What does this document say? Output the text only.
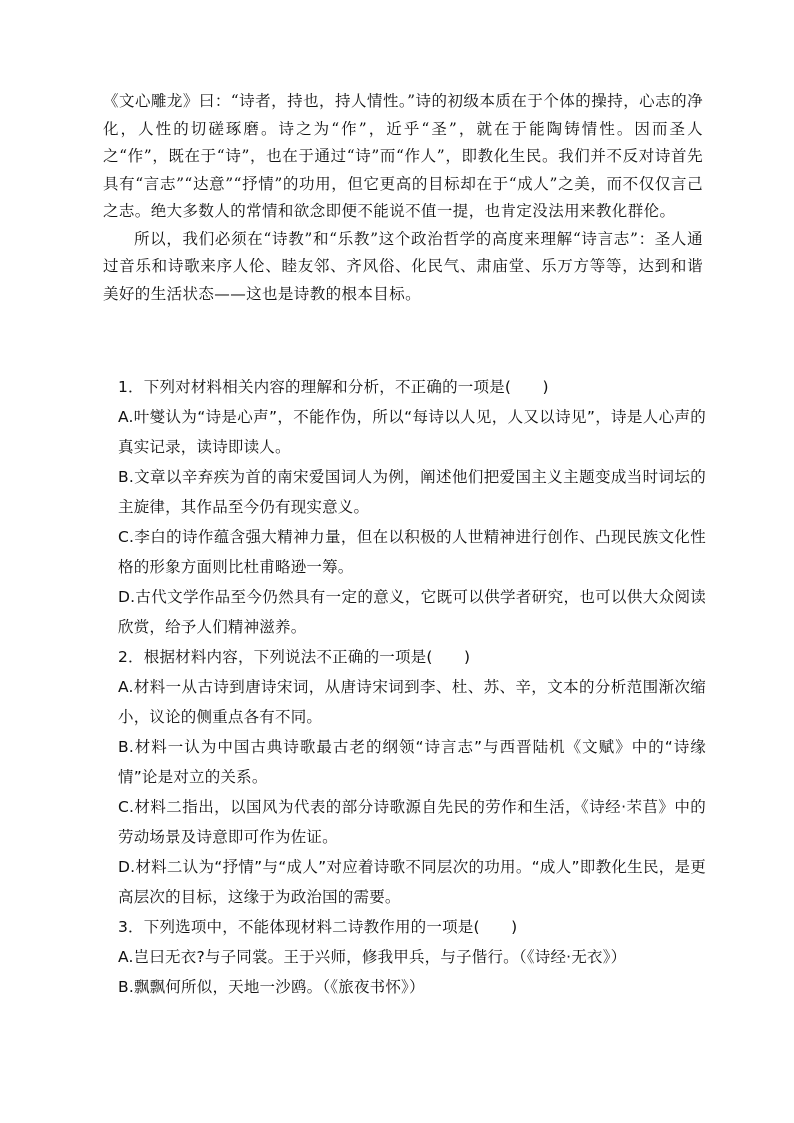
《文心雕龙》曰：“诗者，持也，持人情性。”诗的初级本质在于个体的操持，心志的净化，人性的切磋琢磨。诗之为“作”，近乎“圣”，就在于能陶铸情性。因而圣人之“作”，既在于“诗”，也在于通过“诗”而“作人”，即教化生民。我们并不反对诗首先具有“言志”“达意”“抒情”的功用，但它更高的目标却在于“成人”之美，而不仅仅言己之志。绝大多数人的常情和欲念即便不能说不值一提，也肯定没法用来教化群伦。

所以，我们必须在“诗教”和“乐教”这个政治哲学的高度来理解“诗言志”：圣人通过音乐和诗歌来序人伦、睦友邻、齐风俗、化民气、肃庙堂、乐万方等等，达到和谐美好的生活状态——这也是诗教的根本目标。

1．下列对材料相关内容的理解和分析，不正确的一项是(　　)

A.叶燮认为“诗是心声”，不能作伪，所以“每诗以人见，人又以诗见”，诗是人心声的真实记录，读诗即读人。

B.文章以辛弃疾为首的南宋爱国词人为例，阐述他们把爱国主义主题变成当时词坛的主旋律，其作品至今仍有现实意义。

C.李白的诗作蕴含强大精神力量，但在以积极的人世精神进行创作、凸现民族文化性格的形象方面则比杜甫略逊一筹。

D.古代文学作品至今仍然具有一定的意义，它既可以供学者研究，也可以供大众阅读欣赏，给予人们精神滋养。

2．根据材料内容，下列说法不正确的一项是(　　)

A.材料一从古诗到唐诗宋词，从唐诗宋词到李、杜、苏、辛，文本的分析范围渐次缩小，议论的侧重点各有不同。

B.材料一认为中国古典诗歌最古老的纲领“诗言志”与西晋陆机《文赋》中的“诗缘情”论是对立的关系。

C.材料二指出，以国风为代表的部分诗歌源自先民的劳作和生活，《诗经·芣苢》中的劳动场景及诗意即可作为佐证。

D.材料二认为“抒情”与“成人”对应着诗歌不同层次的功用。“成人”即教化生民，是更高层次的目标，这缘于为政治国的需要。

3．下列选项中，不能体现材料二诗教作用的一项是(　　)

A.岂曰无衣?与子同裳。王于兴师，修我甲兵，与子偕行。（《诗经·无衣》）

B.飘飘何所似，天地一沙鸥。（《旅夜书怀》）
